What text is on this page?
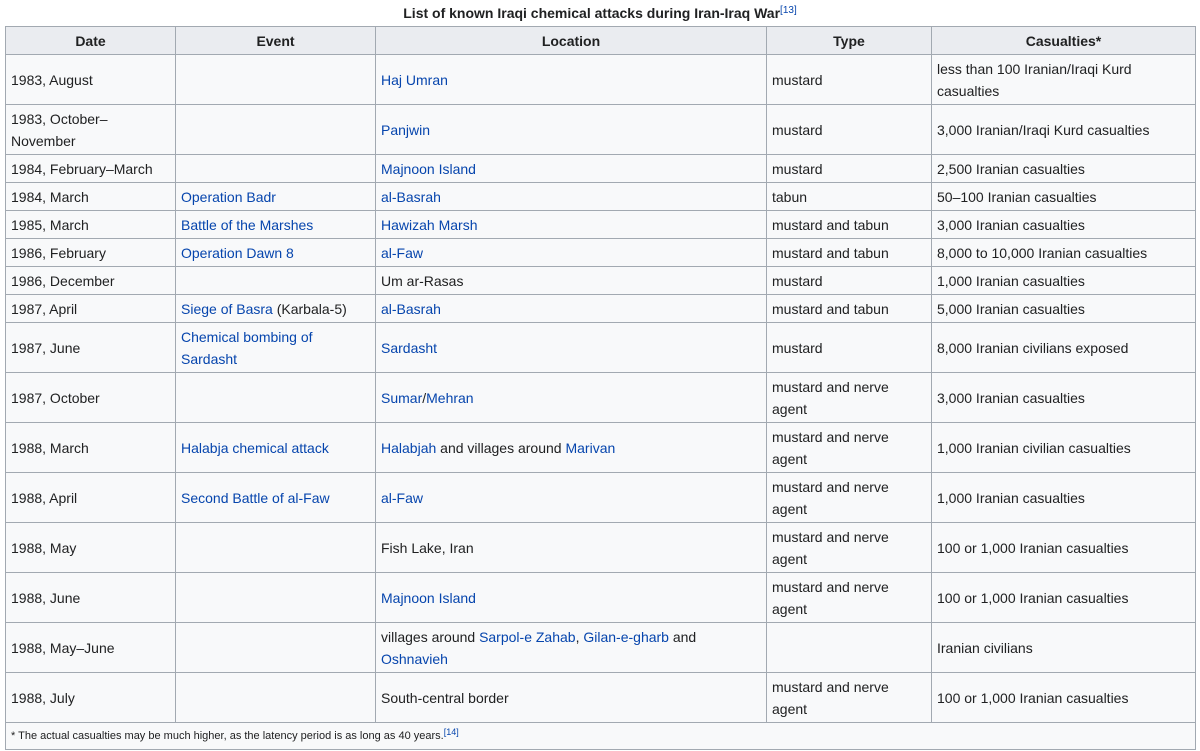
List of known Iraqi chemical attacks during Iran-Iraq War[13]
Date	Event	Location	Type	Casualties*
1983, August		Haj Umran	mustard	less than 100 Iranian/Iraqi Kurd casualties
1983, October–November		Panjwin	mustard	3,000 Iranian/Iraqi Kurd casualties
1984, February–March		Majnoon Island	mustard	2,500 Iranian casualties
1984, March	Operation Badr	al-Basrah	tabun	50–100 Iranian casualties
1985, March	Battle of the Marshes	Hawizah Marsh	mustard and tabun	3,000 Iranian casualties
1986, February	Operation Dawn 8	al-Faw	mustard and tabun	8,000 to 10,000 Iranian casualties
1986, December		Um ar-Rasas	mustard	1,000 Iranian casualties
1987, April	Siege of Basra (Karbala-5)	al-Basrah	mustard and tabun	5,000 Iranian casualties
1987, June	Chemical bombing of Sardasht	Sardasht	mustard	8,000 Iranian civilians exposed
1987, October		Sumar/Mehran	mustard and nerve agent	3,000 Iranian casualties
1988, March	Halabja chemical attack	Halabjah and villages around Marivan	mustard and nerve agent	1,000 Iranian civilian casualties
1988, April	Second Battle of al-Faw	al-Faw	mustard and nerve agent	1,000 Iranian casualties
1988, May		Fish Lake, Iran	mustard and nerve agent	100 or 1,000 Iranian casualties
1988, June		Majnoon Island	mustard and nerve agent	100 or 1,000 Iranian casualties
1988, May–June		villages around Sarpol-e Zahab, Gilan-e-gharb and Oshnavieh		Iranian civilians
1988, July		South-central border	mustard and nerve agent	100 or 1,000 Iranian casualties
* The actual casualties may be much higher, as the latency period is as long as 40 years.[14]
